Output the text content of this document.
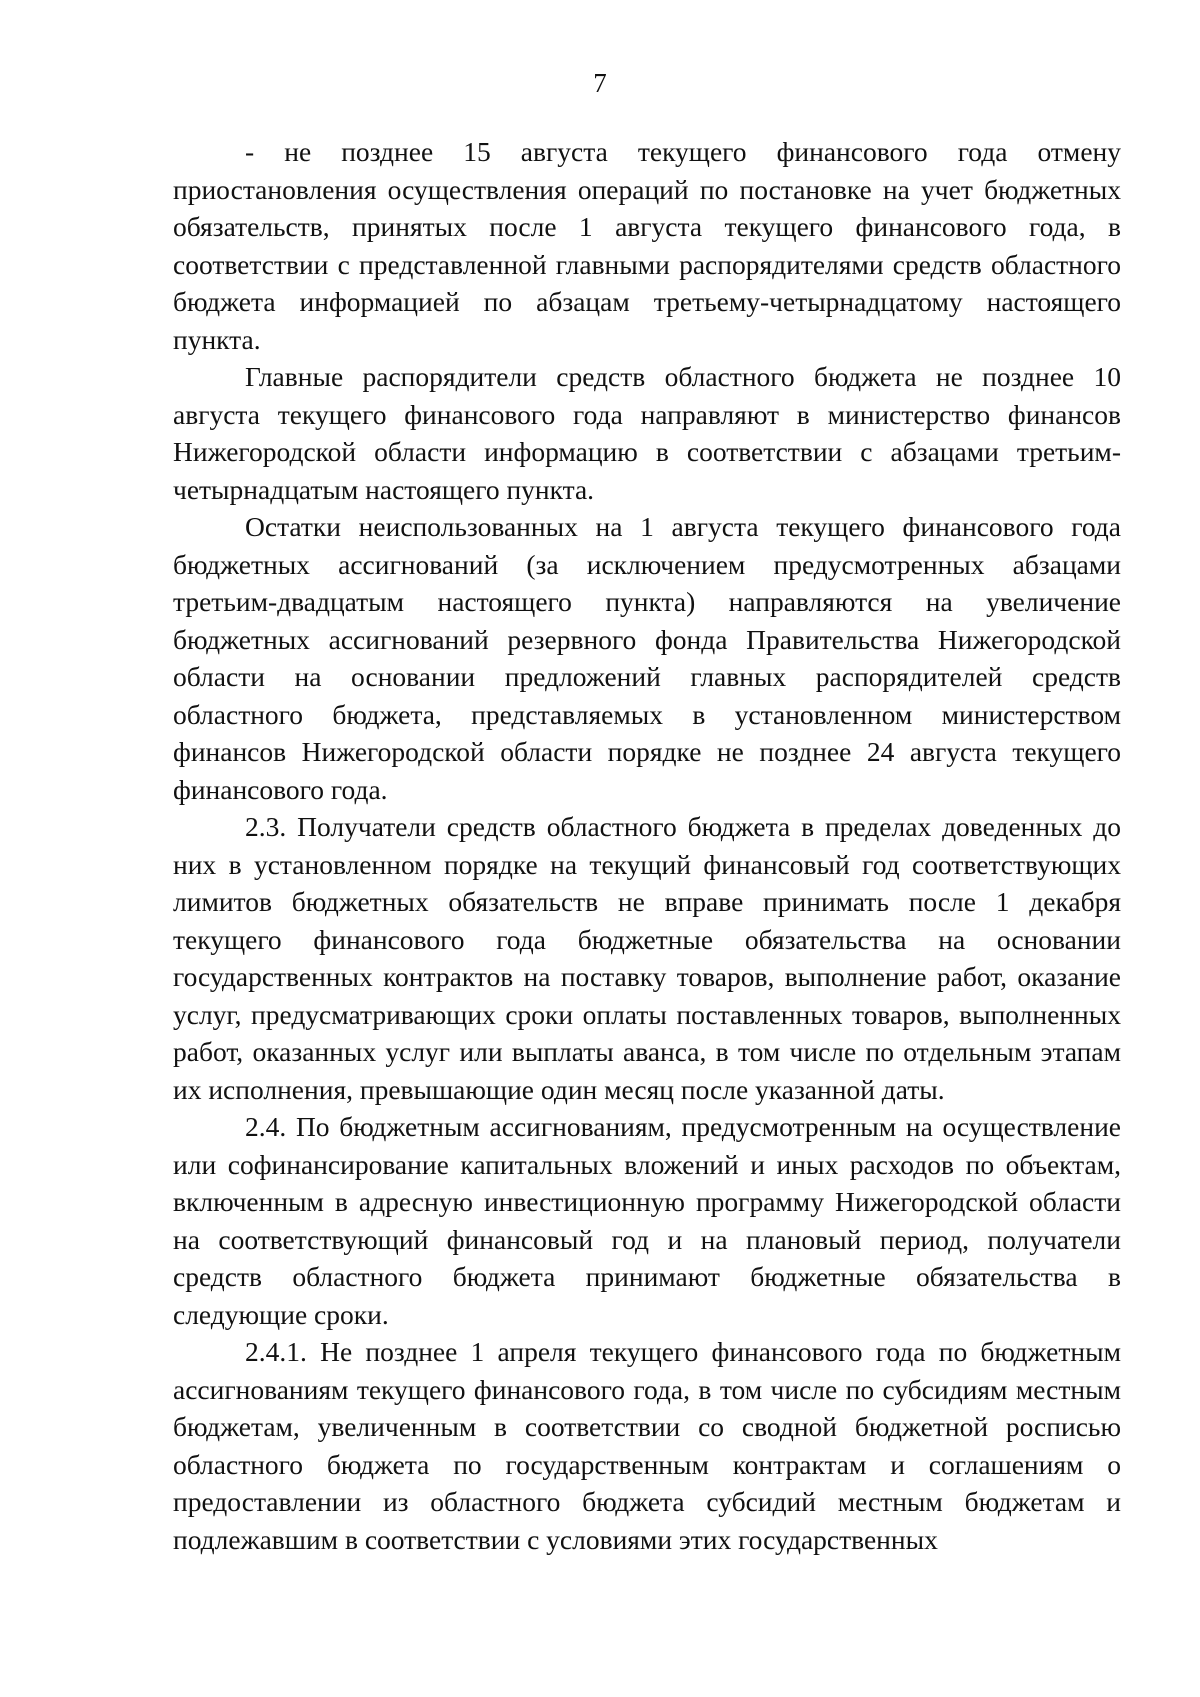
7

- не позднее 15 августа текущего финансового года отмену приостановления осуществления операций по постановке на учет бюджетных обязательств, принятых после 1 августа текущего финансового года, в соответствии с представленной главными распорядителями средств областного бюджета информацией по абзацам третьему-четырнадцатому настоящего пункта.

Главные распорядители средств областного бюджета не позднее 10 августа текущего финансового года направляют в министерство финансов Нижегородской области информацию в соответствии с абзацами третьим-четырнадцатым настоящего пункта.

Остатки неиспользованных на 1 августа текущего финансового года бюджетных ассигнований (за исключением предусмотренных абзацами третьим-двадцатым настоящего пункта) направляются на увеличение бюджетных ассигнований резервного фонда Правительства Нижегородской области на основании предложений главных распорядителей средств областного бюджета, представляемых в установленном министерством финансов Нижегородской области порядке не позднее 24 августа текущего финансового года.

2.3. Получатели средств областного бюджета в пределах доведенных до них в установленном порядке на текущий финансовый год соответствующих лимитов бюджетных обязательств не вправе принимать после 1 декабря текущего финансового года бюджетные обязательства на основании государственных контрактов на поставку товаров, выполнение работ, оказание услуг, предусматривающих сроки оплаты поставленных товаров, выполненных работ, оказанных услуг или выплаты аванса, в том числе по отдельным этапам их исполнения, превышающие один месяц после указанной даты.

2.4. По бюджетным ассигнованиям, предусмотренным на осуществление или софинансирование капитальных вложений и иных расходов по объектам, включенным в адресную инвестиционную программу Нижегородской области на соответствующий финансовый год и на плановый период, получатели средств областного бюджета принимают бюджетные обязательства в следующие сроки.

2.4.1. Не позднее 1 апреля текущего финансового года по бюджетным ассигнованиям текущего финансового года, в том числе по субсидиям местным бюджетам, увеличенным в соответствии со сводной бюджетной росписью областного бюджета по государственным контрактам и соглашениям о предоставлении из областного бюджета субсидий местным бюджетам и подлежавшим в соответствии с условиями этих государственных
